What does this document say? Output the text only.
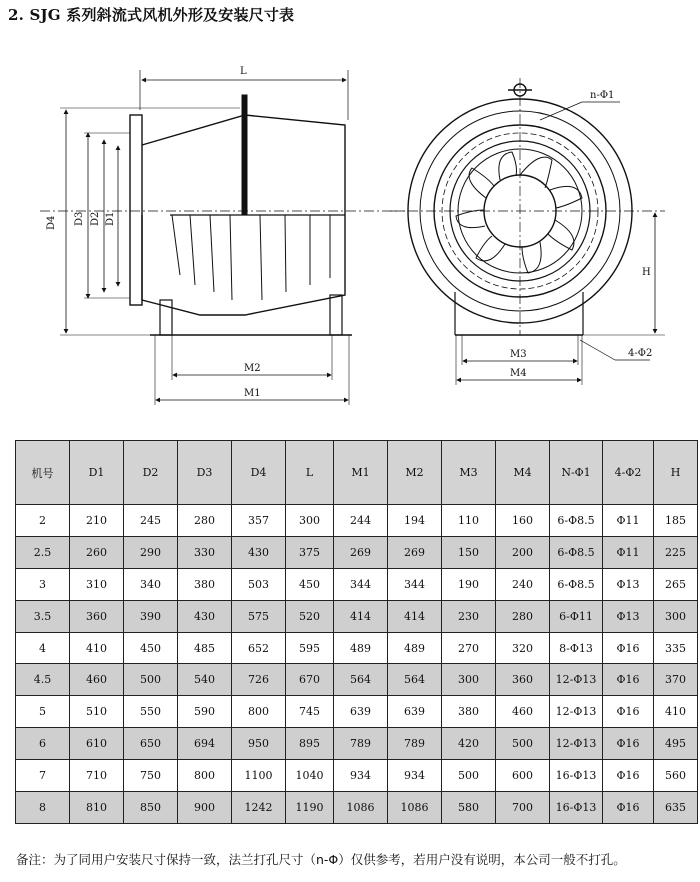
2. SJG 系列斜流式风机外形及安装尺寸表
L
D4 D3 D2 D1
M2
M1
n-Φ1
H
M3
M4
4-Φ2
机号	D1	D2	D3	D4	L	M1	M2	M3	M4	N-Φ1	4-Φ2	H
2	210	245	280	357	300	244	194	110	160	6-Φ8.5	Φ11	185
2.5	260	290	330	430	375	269	269	150	200	6-Φ8.5	Φ11	225
3	310	340	380	503	450	344	344	190	240	6-Φ8.5	Φ13	265
3.5	360	390	430	575	520	414	414	230	280	6-Φ11	Φ13	300
4	410	450	485	652	595	489	489	270	320	8-Φ13	Φ16	335
4.5	460	500	540	726	670	564	564	300	360	12-Φ13	Φ16	370
5	510	550	590	800	745	639	639	380	460	12-Φ13	Φ16	410
6	610	650	694	950	895	789	789	420	500	12-Φ13	Φ16	495
7	710	750	800	1100	1040	934	934	500	600	16-Φ13	Φ16	560
8	810	850	900	1242	1190	1086	1086	580	700	16-Φ13	Φ16	635
备注：为了同用户安装尺寸保持一致，法兰打孔尺寸（n-Φ）仅供参考，若用户没有说明，本公司一般不打孔。
